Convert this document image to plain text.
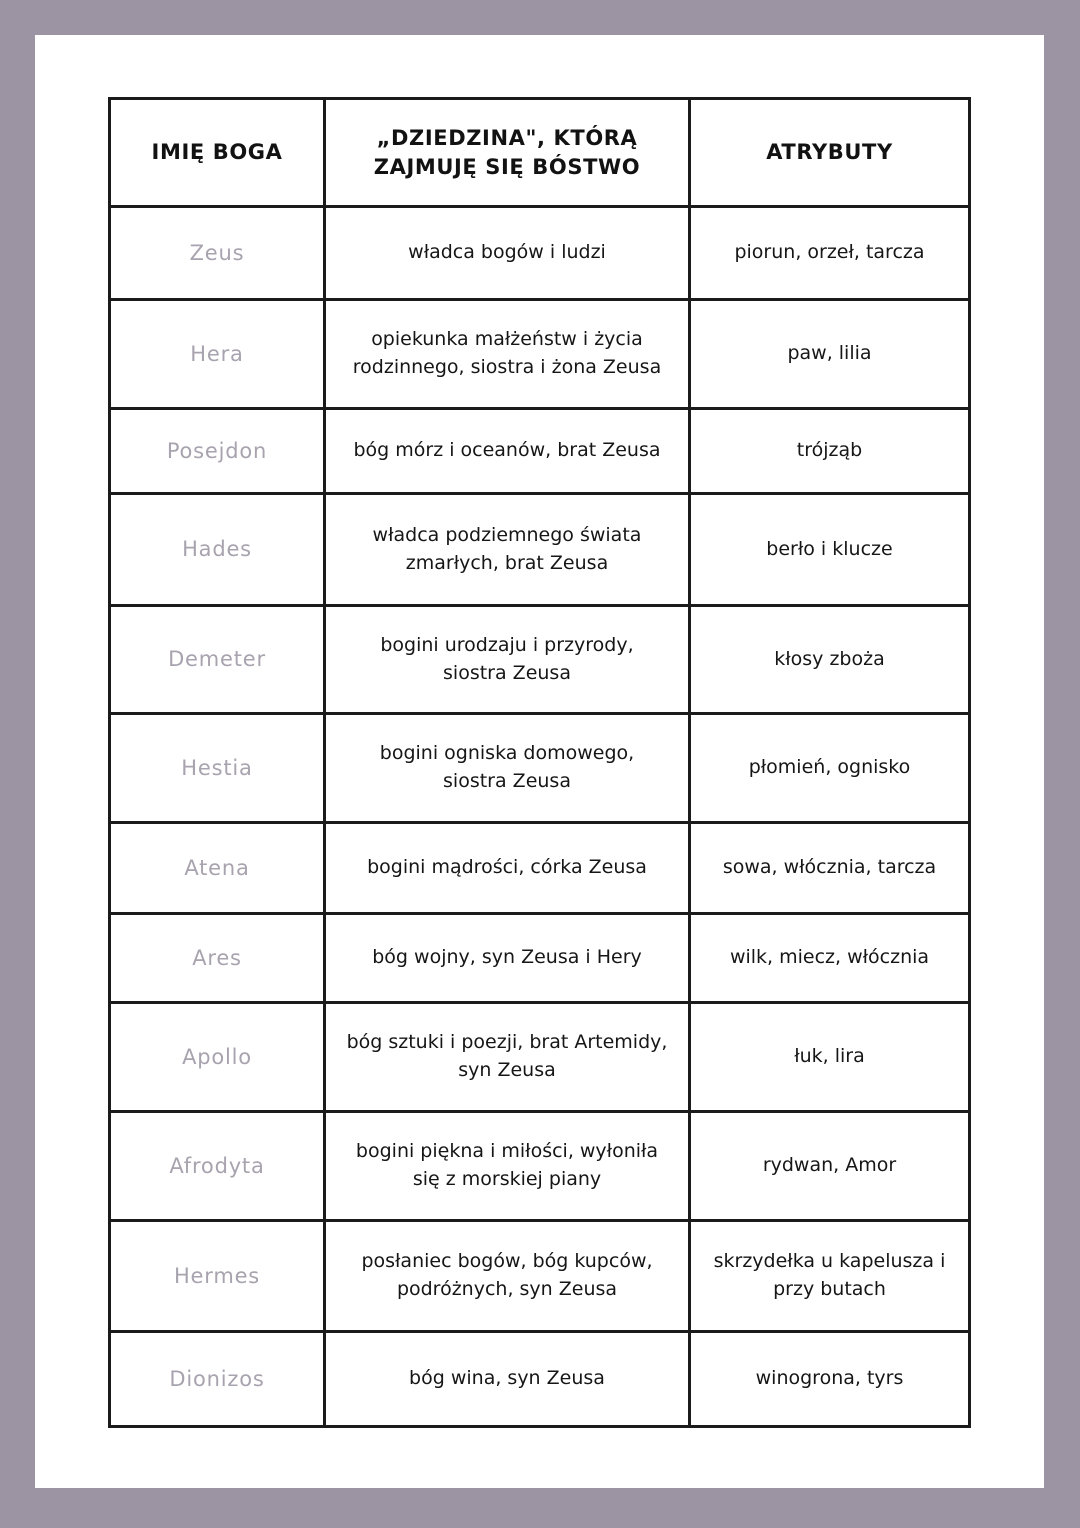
IMIĘ BOGA	„DZIEDZINA", KTÓRĄ ZAJMUJĘ SIĘ BÓSTWO	ATRYBUTY
Zeus	władca bogów i ludzi	piorun, orzeł, tarcza
Hera	opiekunka małżeństw i życia rodzinnego, siostra i żona Zeusa	paw, lilia
Posejdon	bóg mórz i oceanów, brat Zeusa	trójząb
Hades	władca podziemnego świata zmarłych, brat Zeusa	berło i klucze
Demeter	bogini urodzaju i przyrody, siostra Zeusa	kłosy zboża
Hestia	bogini ogniska domowego, siostra Zeusa	płomień, ognisko
Atena	bogini mądrości, córka Zeusa	sowa, włócznia, tarcza
Ares	bóg wojny, syn Zeusa i Hery	wilk, miecz, włócznia
Apollo	bóg sztuki i poezji, brat Artemidy, syn Zeusa	łuk, lira
Afrodyta	bogini piękna i miłości, wyłoniła się z morskiej piany	rydwan, Amor
Hermes	posłaniec bogów, bóg kupców, podróżnych, syn Zeusa	skrzydełka u kapelusza i przy butach
Dionizos	bóg wina, syn Zeusa	winogrona, tyrs
